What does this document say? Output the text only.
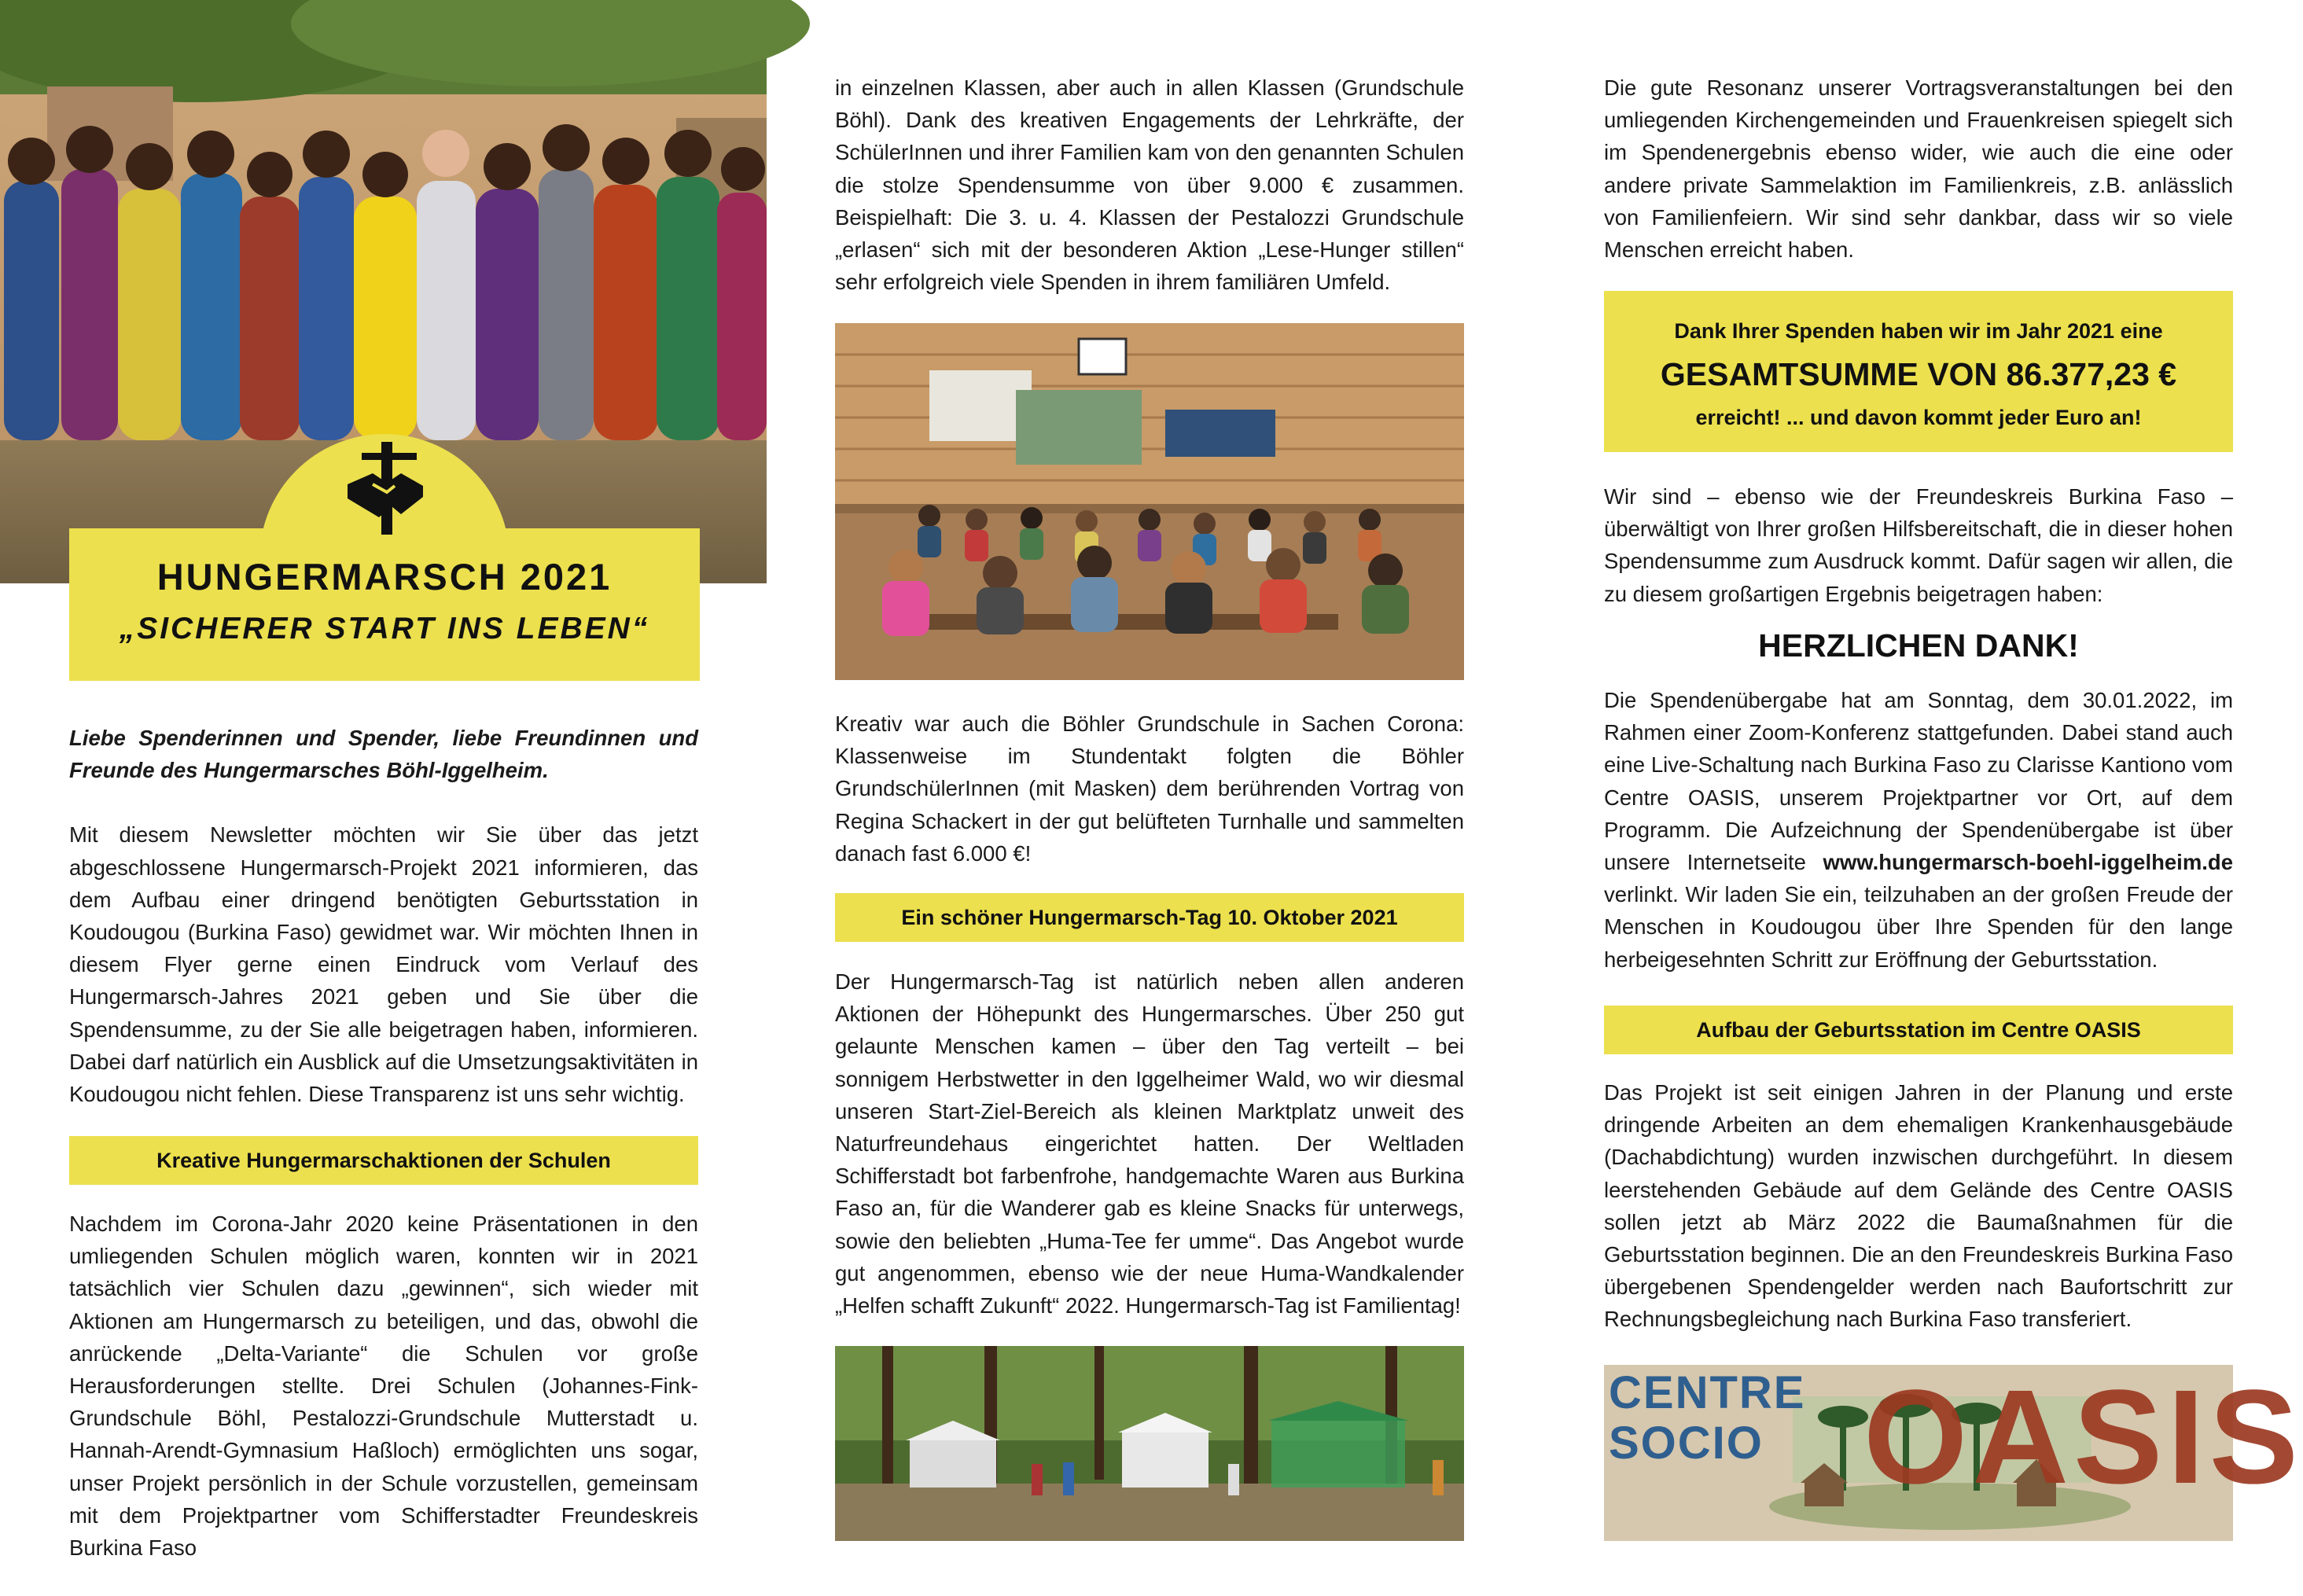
HUNGERMARSCH 2021
„SICHERER START INS LEBEN“

Liebe Spenderinnen und Spender, liebe Freundinnen und Freunde des Hungermarsches Böhl-Iggelheim.

Mit diesem Newsletter möchten wir Sie über das jetzt abgeschlossene Hungermarsch-Projekt 2021 informieren, das dem Aufbau einer dringend benötigten Geburtsstation in Koudougou (Burkina Faso) gewidmet war. Wir möchten Ihnen in diesem Flyer gerne einen Eindruck vom Verlauf des Hungermarsch-Jahres 2021 geben und Sie über die Spendensumme, zu der Sie alle beigetragen haben, informieren. Dabei darf natürlich ein Ausblick auf die Umsetzungsaktivitäten in Koudougou nicht fehlen. Diese Transparenz ist uns sehr wichtig.

Kreative Hungermarschaktionen der Schulen

Nachdem im Corona-Jahr 2020 keine Präsentationen in den umliegenden Schulen möglich waren, konnten wir in 2021 tatsächlich vier Schulen dazu „gewinnen“, sich wieder mit Aktionen am Hungermarsch zu beteiligen, und das, obwohl die anrückende „Delta-Variante“ die Schulen vor große Herausforderungen stellte. Drei Schulen (Johannes-Fink-Grundschule Böhl, Pestalozzi-Grundschule Mutterstadt u. Hannah-Arendt-Gymnasium Haßloch) ermöglichten uns sogar, unser Projekt persönlich in der Schule vorzustellen, gemeinsam mit dem Projektpartner vom Schifferstadter Freundeskreis Burkina Faso

in einzelnen Klassen, aber auch in allen Klassen (Grundschule Böhl). Dank des kreativen Engagements der Lehrkräfte, der SchülerInnen und ihrer Familien kam von den genannten Schulen die stolze Spendensumme von über 9.000 € zusammen. Beispielhaft: Die 3. u. 4. Klassen der Pestalozzi Grundschule „erlasen“ sich mit der besonderen Aktion „Lese-Hunger stillen“ sehr erfolgreich viele Spenden in ihrem familiären Umfeld.

Kreativ war auch die Böhler Grundschule in Sachen Corona: Klassenweise im Stundentakt folgten die Böhler GrundschülerInnen (mit Masken) dem berührenden Vortrag von Regina Schackert in der gut belüfteten Turnhalle und sammelten danach fast 6.000 €!

Ein schöner Hungermarsch-Tag 10. Oktober 2021

Der Hungermarsch-Tag ist natürlich neben allen anderen Aktionen der Höhepunkt des Hungermarsches. Über 250 gut gelaunte Menschen kamen – über den Tag verteilt – bei sonnigem Herbstwetter in den Iggelheimer Wald, wo wir diesmal unseren Start-Ziel-Bereich als kleinen Marktplatz unweit des Naturfreundehaus eingerichtet hatten. Der Weltladen Schifferstadt bot farbenfrohe, handgemachte Waren aus Burkina Faso an, für die Wanderer gab es kleine Snacks für unterwegs, sowie den beliebten „Huma-Tee fer umme“. Das Angebot wurde gut angenommen, ebenso wie der neue Huma-Wandkalender „Helfen schafft Zukunft“ 2022. Hungermarsch-Tag ist Familientag!

Die gute Resonanz unserer Vortragsveranstaltungen bei den umliegenden Kirchengemeinden und Frauenkreisen spiegelt sich im Spendenergebnis ebenso wider, wie auch die eine oder andere private Sammelaktion im Familienkreis, z.B. anlässlich von Familienfeiern. Wir sind sehr dankbar, dass wir so viele Menschen erreicht haben.

Dank Ihrer Spenden haben wir im Jahr 2021 eine
GESAMTSUMME VON 86.377,23 €
erreicht! ... und davon kommt jeder Euro an!

Wir sind – ebenso wie der Freundeskreis Burkina Faso – überwältigt von Ihrer großen Hilfsbereitschaft, die in dieser hohen Spendensumme zum Ausdruck kommt. Dafür sagen wir allen, die zu diesem großartigen Ergebnis beigetragen haben:

HERZLICHEN DANK!

Die Spendenübergabe hat am Sonntag, dem 30.01.2022, im Rahmen einer Zoom-Konferenz stattgefunden. Dabei stand auch eine Live-Schaltung nach Burkina Faso zu Clarisse Kantiono vom Centre OASIS, unserem Projektpartner vor Ort, auf dem Programm. Die Aufzeichnung der Spendenübergabe ist über unsere Internetseite www.hungermarsch-boehl-iggelheim.de verlinkt. Wir laden Sie ein, teilzuhaben an der großen Freude der Menschen in Koudougou über Ihre Spenden für den lange herbeigesehnten Schritt zur Eröffnung der Geburtsstation.

Aufbau der Geburtsstation im Centre OASIS

Das Projekt ist seit einigen Jahren in der Planung und erste dringende Arbeiten an dem ehemaligen Krankenhausgebäude (Dachabdichtung) wurden inzwischen durchgeführt. In diesem leerstehenden Gebäude auf dem Gelände des Centre OASIS sollen jetzt ab März 2022 die Baumaßnahmen für die Geburtsstation beginnen. Die an den Freundeskreis Burkina Faso übergebenen Spendengelder werden nach Baufortschritt zur Rechnungsbegleichung nach Burkina Faso transferiert.

CENTRE
SOCIO OASIS
